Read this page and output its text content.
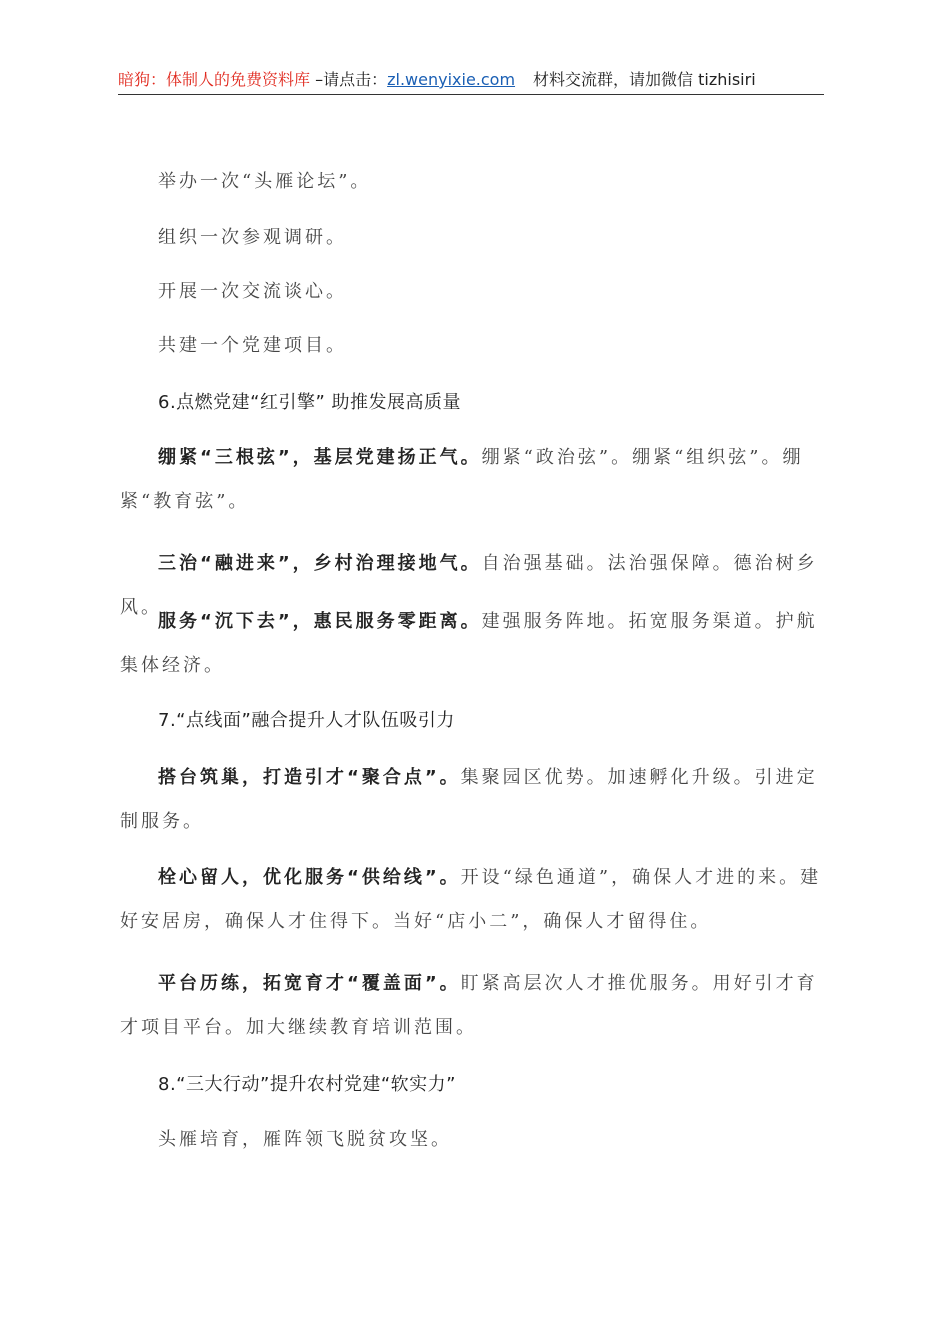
暗狗：体制人的免费资料库 –请点击：zl.wenyixie.com 材料交流群，请加微信 tizhisiri
举办一次“头雁论坛”。
组织一次参观调研。
开展一次交流谈心。
共建一个党建项目。
6.点燃党建“红引擎” 助推发展高质量
绷紧“三根弦”，基层党建扬正气。绷紧“政治弦”。绷紧“组织弦”。绷紧“教育弦”。
三治“融进来”，乡村治理接地气。自治强基础。法治强保障。德治树乡风。
服务“沉下去”，惠民服务零距离。建强服务阵地。拓宽服务渠道。护航集体经济。
7.“点线面”融合提升人才队伍吸引力
搭台筑巢，打造引才“聚合点”。集聚园区优势。加速孵化升级。引进定制服务。
栓心留人，优化服务“供给线”。开设“绿色通道”，确保人才进的来。建好安居房，确保人才住得下。当好“店小二”，确保人才留得住。
平台历练，拓宽育才“覆盖面”。盯紧高层次人才推优服务。用好引才育才项目平台。加大继续教育培训范围。
8.“三大行动”提升农村党建“软实力”
头雁培育，雁阵领飞脱贫攻坚。
